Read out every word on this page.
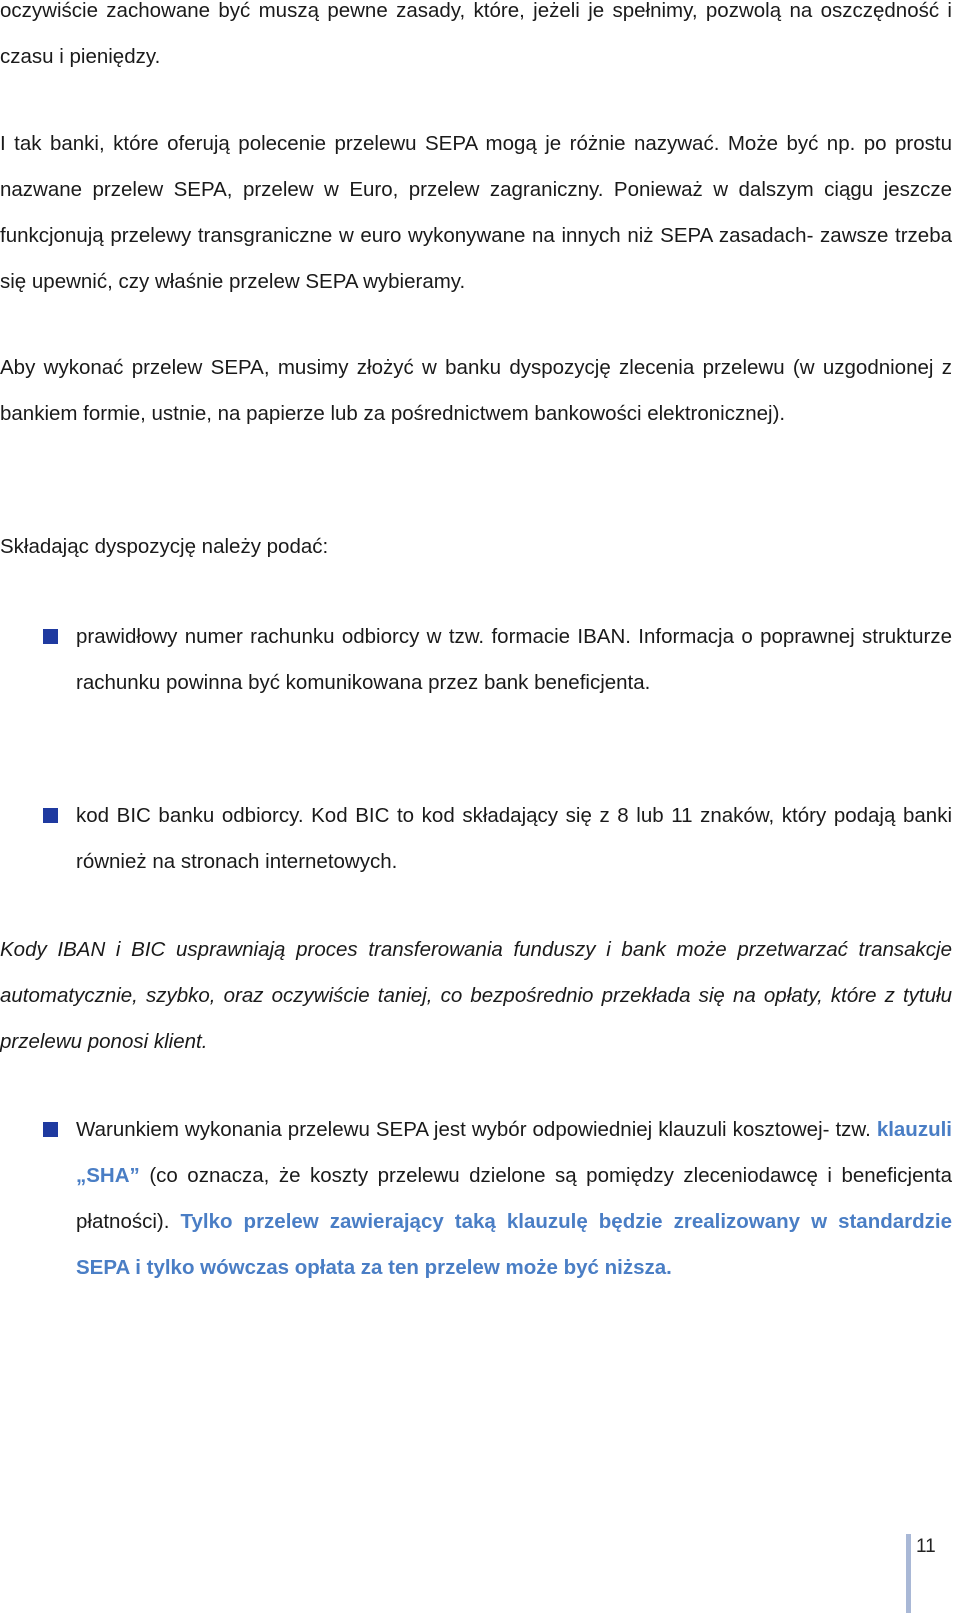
oczywiście zachowane być muszą pewne zasady, które, jeżeli je spełnimy, pozwolą na oszczędność i czasu i pieniędzy.

I tak banki, które oferują polecenie przelewu SEPA mogą je różnie nazywać. Może być np. po prostu nazwane przelew SEPA, przelew w Euro, przelew zagraniczny. Ponieważ w dalszym ciągu jeszcze funkcjonują przelewy transgraniczne w euro wykonywane na innych niż SEPA zasadach- zawsze trzeba się upewnić, czy właśnie przelew SEPA wybieramy.

Aby wykonać przelew SEPA, musimy złożyć w banku dyspozycję zlecenia przelewu (w uzgodnionej z bankiem formie, ustnie, na papierze lub za pośrednictwem bankowości elektronicznej).

Składając dyspozycję należy podać:

prawidłowy numer rachunku odbiorcy w tzw. formacie IBAN. Informacja o poprawnej strukturze rachunku powinna być komunikowana przez bank beneficjenta.

kod BIC banku odbiorcy. Kod BIC to kod składający się z 8 lub 11 znaków, który podają banki również na stronach internetowych.

Kody IBAN i BIC usprawniają proces transferowania funduszy i bank może przetwarzać transakcje automatycznie, szybko, oraz oczywiście taniej, co bezpośrednio przekłada się na opłaty, które z tytułu przelewu ponosi klient.

Warunkiem wykonania przelewu SEPA jest wybór odpowiedniej klauzuli kosztowej- tzw. klauzuli „SHA” (co oznacza, że koszty przelewu dzielone są pomiędzy zleceniodawcę i beneficjenta płatności). Tylko przelew zawierający taką klauzulę będzie zrealizowany w standardzie SEPA i tylko wówczas opłata za ten przelew może być niższa.

11
